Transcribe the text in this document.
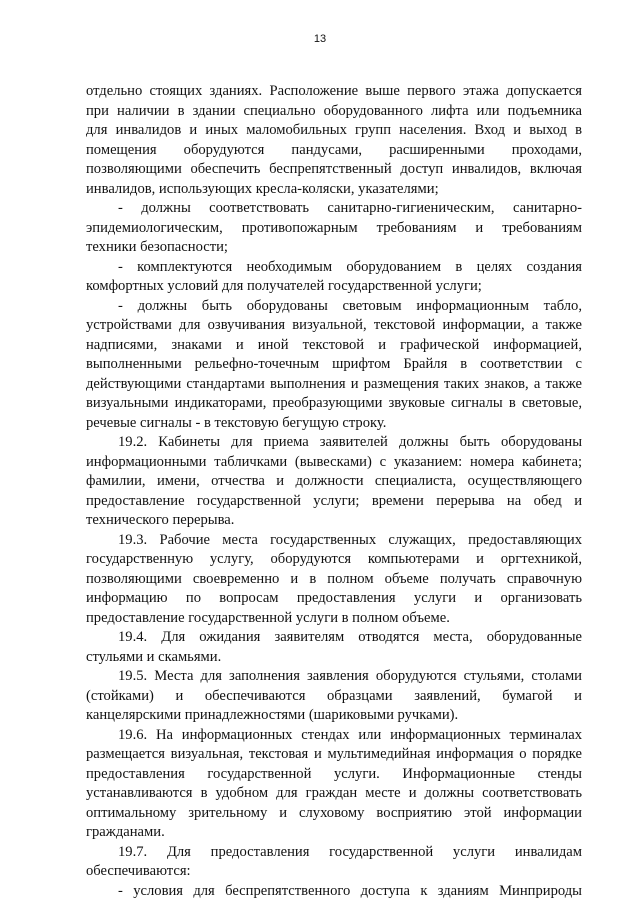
13
отдельно стоящих зданиях. Расположение выше первого этажа допускается
при наличии в здании специально оборудованного лифта или подъемника
для инвалидов и иных маломобильных групп населения. Вход и выход в
помещения оборудуются пандусами, расширенными проходами,
позволяющими обеспечить беспрепятственный доступ инвалидов, включая
инвалидов, использующих кресла-коляски, указателями;
- должны соответствовать санитарно-гигиеническим, санитарно-
эпидемиологическим, противопожарным требованиям и требованиям
техники безопасности;
- комплектуются необходимым оборудованием в целях создания
комфортных условий для получателей государственной услуги;
- должны быть оборудованы световым информационным табло,
устройствами для озвучивания визуальной, текстовой информации, а также
надписями, знаками и иной текстовой и графической информацией,
выполненными рельефно-точечным шрифтом Брайля в соответствии с
действующими стандартами выполнения и размещения таких знаков, а также
визуальными индикаторами, преобразующими звуковые сигналы в световые,
речевые сигналы - в текстовую бегущую строку.
19.2. Кабинеты для приема заявителей должны быть оборудованы
информационными табличками (вывесками) с указанием: номера кабинета;
фамилии, имени, отчества и должности специалиста, осуществляющего
предоставление государственной услуги; времени перерыва на обед и
технического перерыва.
19.3. Рабочие места государственных служащих, предоставляющих
государственную услугу, оборудуются компьютерами и оргтехникой,
позволяющими своевременно и в полном объеме получать справочную
информацию по вопросам предоставления услуги и организовать
предоставление государственной услуги в полном объеме.
19.4. Для ожидания заявителям отводятся места, оборудованные
стульями и скамьями.
19.5. Места для заполнения заявления оборудуются стульями, столами
(стойками) и обеспечиваются образцами заявлений, бумагой и
канцелярскими принадлежностями (шариковыми ручками).
19.6. На информационных стендах или информационных терминалах
размещается визуальная, текстовая и мультимедийная информация о порядке
предоставления государственной услуги. Информационные стенды
устанавливаются в удобном для граждан месте и должны соответствовать
оптимальному зрительному и слуховому восприятию этой информации
гражданами.
19.7. Для предоставления государственной услуги инвалидам
обеспечиваются:
- условия для беспрепятственного доступа к зданиям Минприроды
